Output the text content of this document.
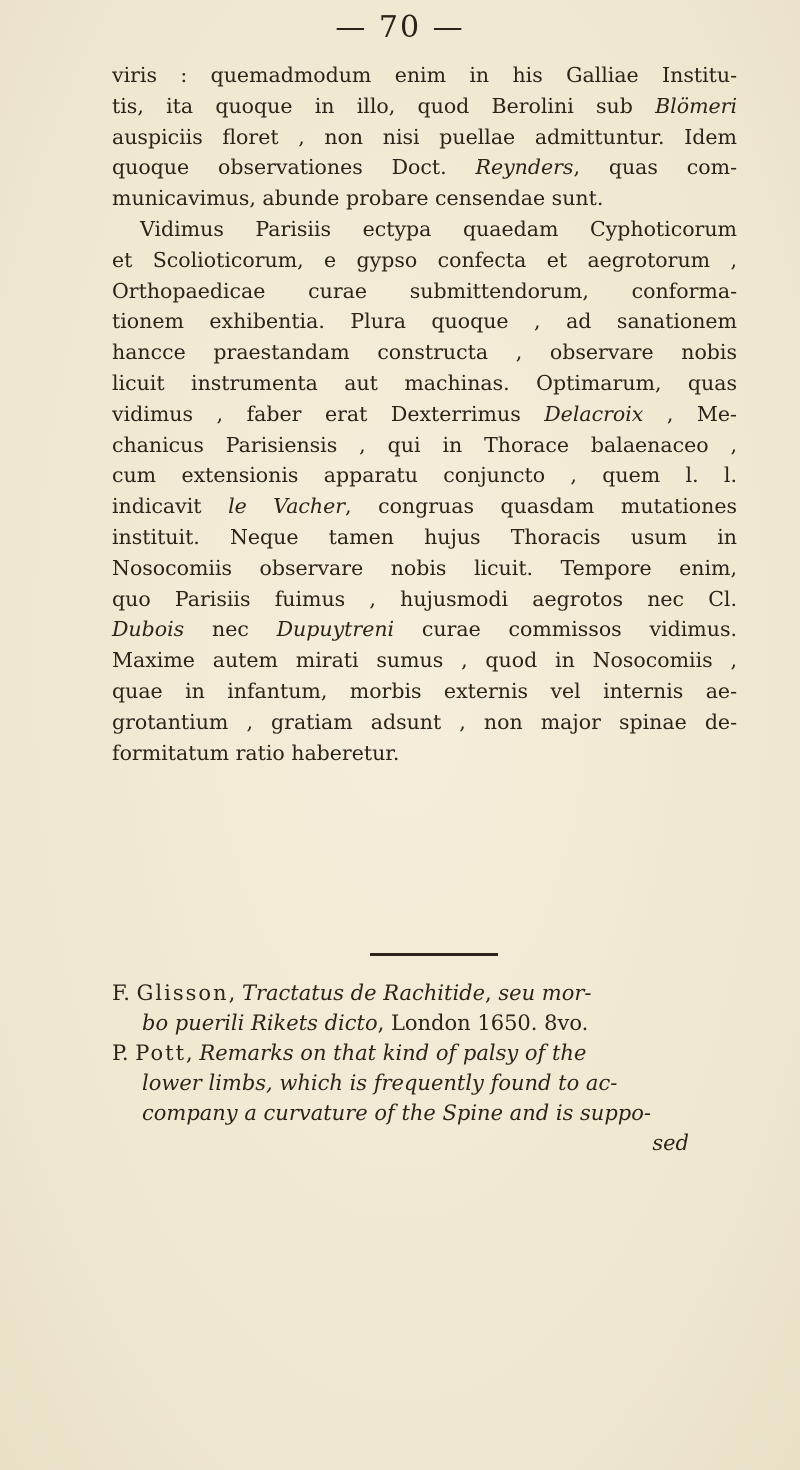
— 70 —
viris : quemadmodum enim in his Galliae Institu-
tis, ita quoque in illo, quod Berolini sub Blömeri
auspiciis floret , non nisi puellae admittuntur. Idem
quoque observationes Doct. Reynders, quas com-
municavimus, abunde probare censendae sunt.
Vidimus Parisiis ectypa quaedam Cyphoticorum
et Scolioticorum, e gypso confecta et aegrotorum ,
Orthopaedicae curae submittendorum, conforma-
tionem exhibentia. Plura quoque , ad sanationem
hancce praestandam constructa , observare nobis
licuit instrumenta aut machinas. Optimarum, quas
vidimus , faber erat Dexterrimus Delacroix , Me-
chanicus Parisiensis , qui in Thorace balaenaceo ,
cum extensionis apparatu conjuncto , quem l. l.
indicavit le Vacher, congruas quasdam mutationes
instituit. Neque tamen hujus Thoracis usum in
Nosocomiis observare nobis licuit. Tempore enim,
quo Parisiis fuimus , hujusmodi aegrotos nec Cl.
Dubois nec Dupuytreni curae commissos vidimus.
Maxime autem mirati sumus , quod in Nosocomiis ,
quae in infantum, morbis externis vel internis ae-
grotantium , gratiam adsunt , non major spinae de-
formitatum ratio haberetur.
F. Glisson, Tractatus de Rachitide, seu mor-
bo puerili Rikets dicto, London 1650. 8vo.
P. Pott, Remarks on that kind of palsy of the
lower limbs, which is frequently found to ac-
company a curvature of the Spine and is suppo-
sed
